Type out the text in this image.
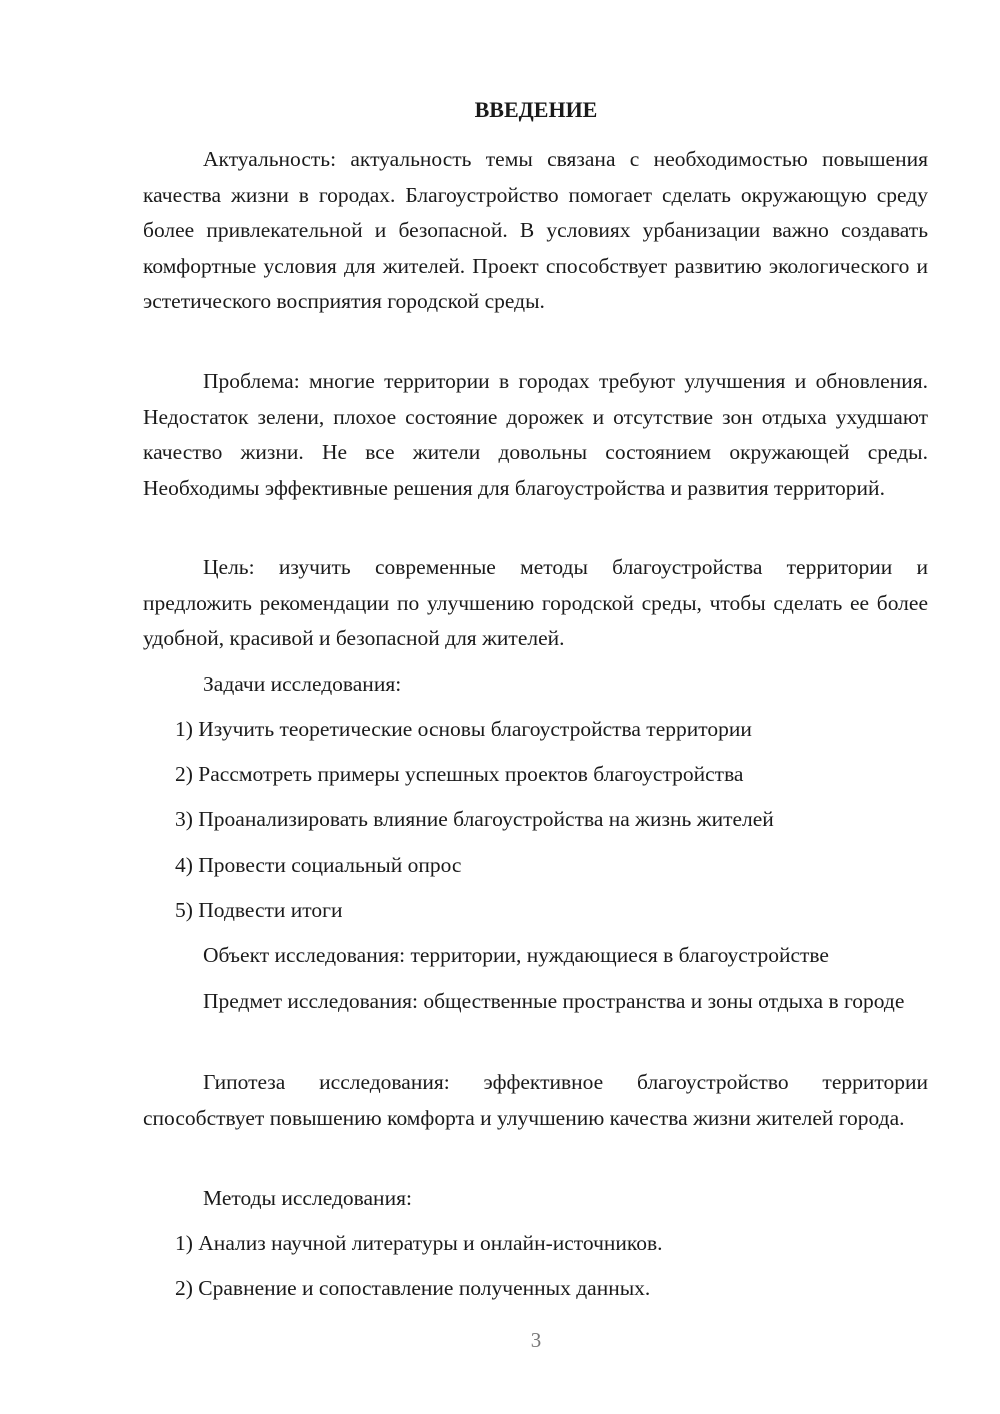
ВВЕДЕНИЕ

Актуальность: актуальность темы связана с необходимостью повышения качества жизни в городах. Благоустройство помогает сделать окружающую среду более привлекательной и безопасной. В условиях урбанизации важно создавать комфортные условия для жителей. Проект способствует развитию экологического и эстетического восприятия городской среды.

Проблема: многие территории в городах требуют улучшения и обновления. Недостаток зелени, плохое состояние дорожек и отсутствие зон отдыха ухудшают качество жизни. Не все жители довольны состоянием окружающей среды. Необходимы эффективные решения для благоустройства и развития территорий.

Цель: изучить современные методы благоустройства территории и предложить рекомендации по улучшению городской среды, чтобы сделать ее более удобной, красивой и безопасной для жителей.

Задачи исследования:

1) Изучить теоретические основы благоустройства территории

2) Рассмотреть примеры успешных проектов благоустройства

3) Проанализировать влияние благоустройства на жизнь жителей

4) Провести социальный опрос

5) Подвести итоги

Объект исследования: территории, нуждающиеся в благоустройстве

Предмет исследования: общественные пространства и зоны отдыха в городе

Гипотеза исследования: эффективное благоустройство территории способствует повышению комфорта и улучшению качества жизни жителей города.

Методы исследования:

1) Анализ научной литературы и онлайн-источников.

2) Сравнение и сопоставление полученных данных.

3
